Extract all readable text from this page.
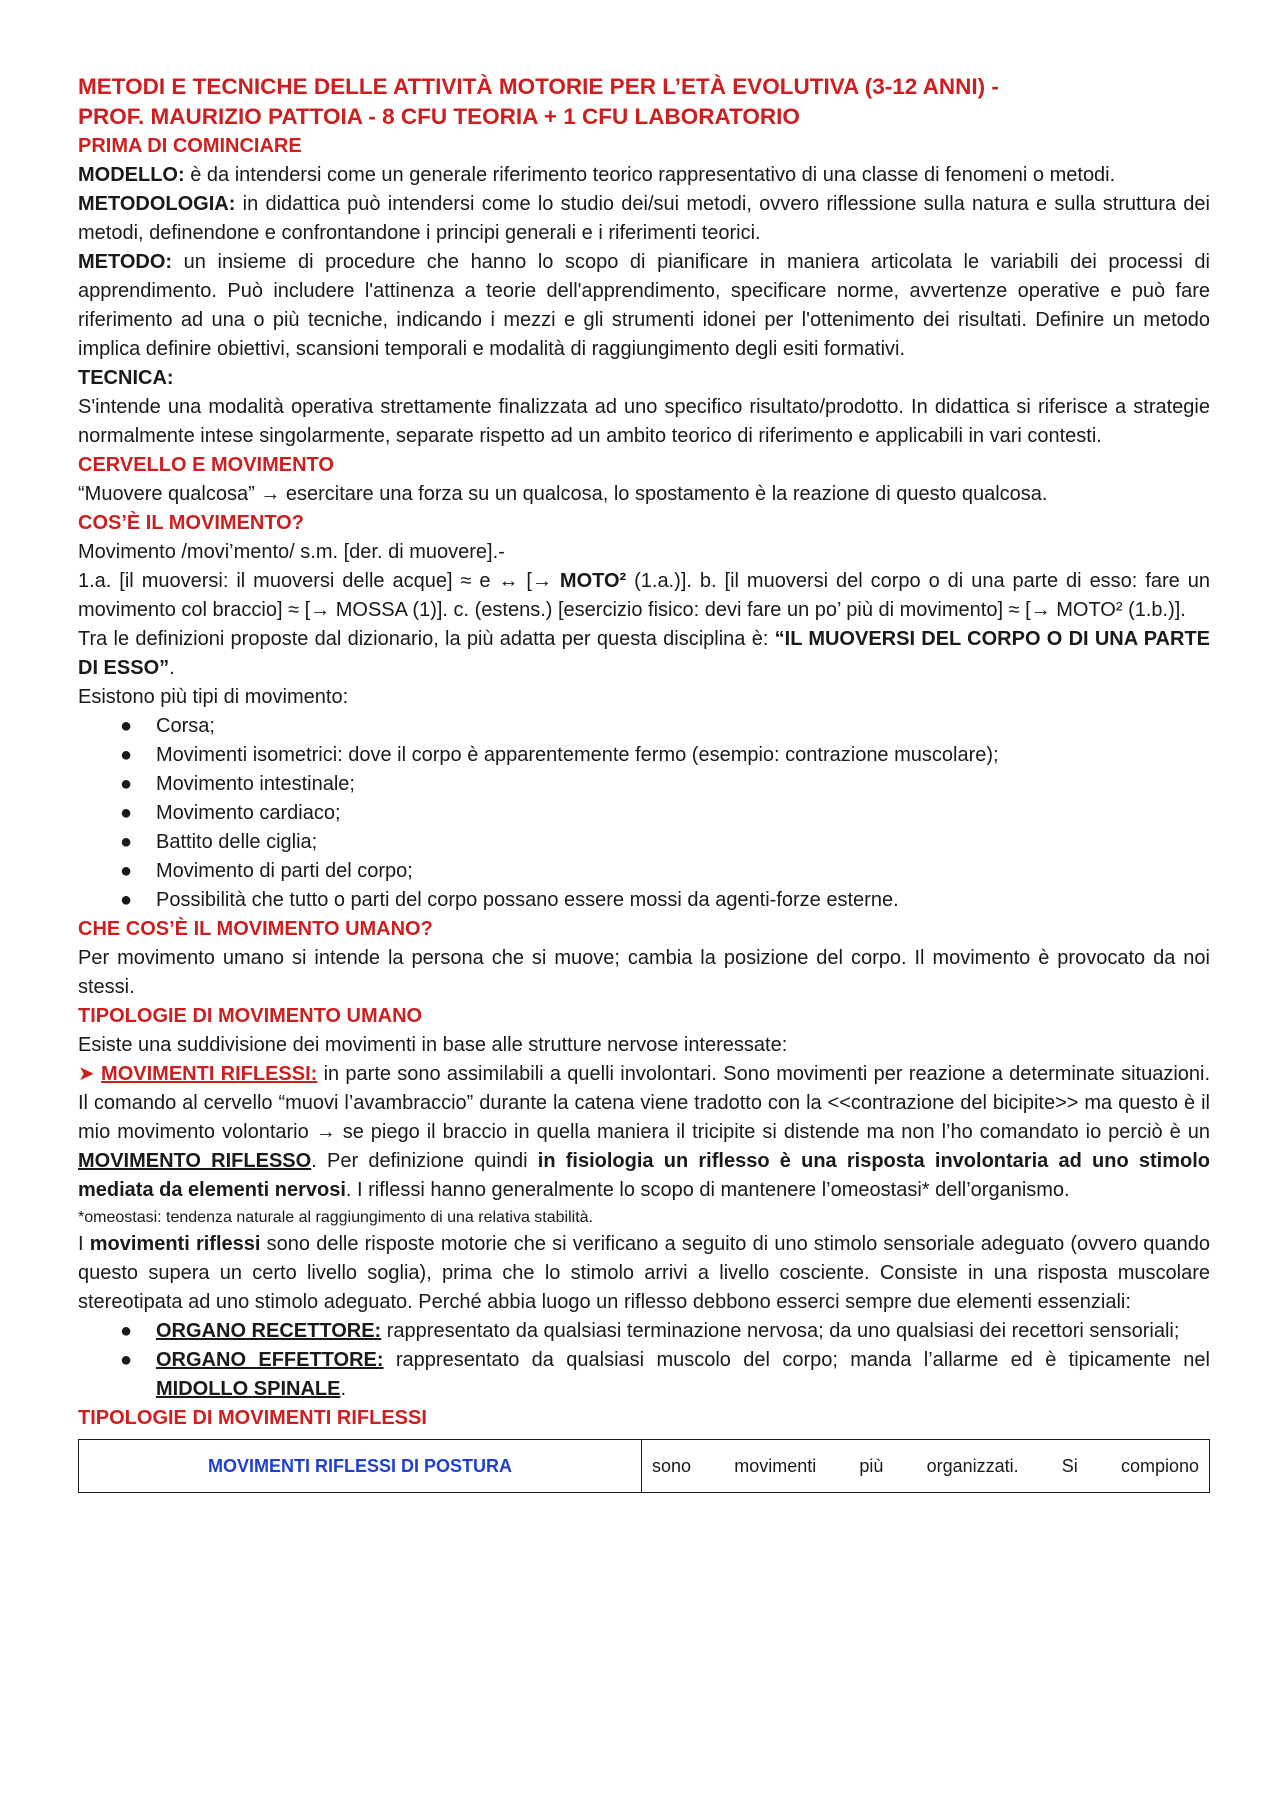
METODI E TECNICHE DELLE ATTIVITÀ MOTORIE PER L’ETÀ EVOLUTIVA (3-12 ANNI) -

PROF. MAURIZIO PATTOIA - 8 CFU TEORIA + 1 CFU LABORATORIO

PRIMA DI COMINCIARE

MODELLO: è da intendersi come un generale riferimento teorico rappresentativo di una classe di fenomeni o metodi.

METODOLOGIA: in didattica può intendersi come lo studio dei/sui metodi, ovvero riflessione sulla natura e sulla struttura dei metodi, definendone e confrontandone i principi generali e i riferimenti teorici.

METODO: un insieme di procedure che hanno lo scopo di pianificare in maniera articolata le variabili dei processi di apprendimento. Può includere l'attinenza a teorie dell'apprendimento, specificare norme, avvertenze operative e può fare riferimento ad una o più tecniche, indicando i mezzi e gli strumenti idonei per l'ottenimento dei risultati. Definire un metodo implica definire obiettivi, scansioni temporali e modalità di raggiungimento degli esiti formativi.

TECNICA:

S'intende una modalità operativa strettamente finalizzata ad uno specifico risultato/prodotto. In didattica si riferisce a strategie normalmente intese singolarmente, separate rispetto ad un ambito teorico di riferimento e applicabili in vari contesti.

CERVELLO E MOVIMENTO

“Muovere qualcosa” → esercitare una forza su un qualcosa, lo spostamento è la reazione di questo qualcosa.

COS’È IL MOVIMENTO?

Movimento /movi’mento/ s.m. [der. di muovere].-

1.a. [il muoversi: il muoversi delle acque] ≈ e ↔ [→ MOTO² (1.a.)]. b. [il muoversi del corpo o di una parte di esso: fare un movimento col braccio] ≈ [→ MOSSA (1)]. c. (estens.) [esercizio fisico: devi fare un po’ più di movimento] ≈ [→ MOTO² (1.b.)].

Tra le definizioni proposte dal dizionario, la più adatta per questa disciplina è: “IL MUOVERSI DEL CORPO O DI UNA PARTE DI ESSO”.

Esistono più tipi di movimento:

● Corsa;
● Movimenti isometrici: dove il corpo è apparentemente fermo (esempio: contrazione muscolare);
● Movimento intestinale;
● Movimento cardiaco;
● Battito delle ciglia;
● Movimento di parti del corpo;
● Possibilità che tutto o parti del corpo possano essere mossi da agenti-forze esterne.
CHE COS’È IL MOVIMENTO UMANO?

Per movimento umano si intende la persona che si muove; cambia la posizione del corpo. Il movimento è provocato da noi stessi.

TIPOLOGIE DI MOVIMENTO UMANO

Esiste una suddivisione dei movimenti in base alle strutture nervose interessate:

➤ MOVIMENTI RIFLESSI: in parte sono assimilabili a quelli involontari. Sono movimenti per reazione a determinate situazioni. Il comando al cervello “muovi l’avambraccio” durante la catena viene tradotto con la <<contrazione del bicipite>> ma questo è il mio movimento volontario → se piego il braccio in quella maniera il tricipite si distende ma non l’ho comandato io perciò è un MOVIMENTO RIFLESSO. Per definizione quindi in fisiologia un riflesso è una risposta involontaria ad uno stimolo mediata da elementi nervosi. I riflessi hanno generalmente lo scopo di mantenere l’omeostasi* dell’organismo.

*omeostasi: tendenza naturale al raggiungimento di una relativa stabilità.

I movimenti riflessi sono delle risposte motorie che si verificano a seguito di uno stimolo sensoriale adeguato (ovvero quando questo supera un certo livello soglia), prima che lo stimolo arrivi a livello cosciente. Consiste in una risposta muscolare stereotipata ad uno stimolo adeguato. Perché abbia luogo un riflesso debbono esserci sempre due elementi essenziali:

● ORGANO RECETTORE: rappresentato da qualsiasi terminazione nervosa; da uno qualsiasi dei recettori sensoriali;
● ORGANO EFFETTORE: rappresentato da qualsiasi muscolo del corpo; manda l’allarme ed è tipicamente nel MIDOLLO SPINALE.
TIPOLOGIE DI MOVIMENTI RIFLESSI
MOVIMENTI RIFLESSI DI POSTURA	sono movimenti più organizzati. Si compiono
